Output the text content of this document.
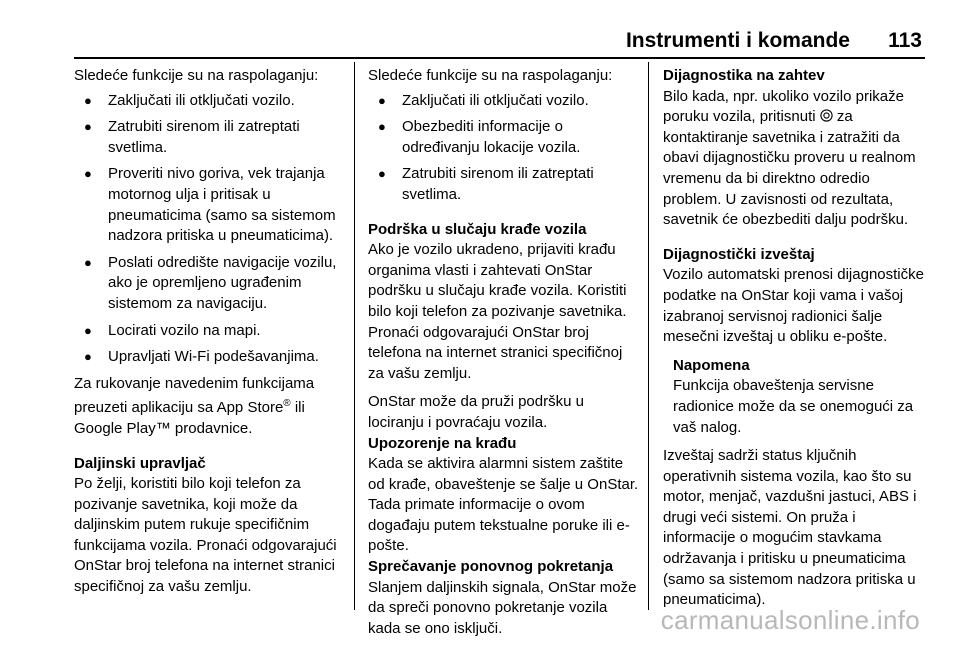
Instrumenti i komande 113

Sledeće funkcije su na raspolaganju:

● Zaključati ili otključati vozilo.
● Zatrubiti sirenom ili zatreptati svetlima.
● Proveriti nivo goriva, vek trajanja motornog ulja i pritisak u pneumaticima (samo sa sistemom nadzora pritiska u pneumaticima).
● Poslati odredište navigacije vozilu, ako je opremljeno ugrađenim sistemom za navigaciju.
● Locirati vozilo na mapi.
● Upravljati Wi-Fi podešavanjima.

Za rukovanje navedenim funkcijama preuzeti aplikaciju sa App Store® ili Google Play™ prodavnice.

Daljinski upravljač

Po želji, koristiti bilo koji telefon za pozivanje savetnika, koji može da daljinskim putem rukuje specifičnim funkcijama vozila. Pronaći odgovarajući OnStar broj telefona na internet stranici specifičnoj za vašu zemlju.

Sledeće funkcije su na raspolaganju:

● Zaključati ili otključati vozilo.
● Obezbediti informacije o određivanju lokacije vozila.
● Zatrubiti sirenom ili zatreptati svetlima.

Podrška u slučaju krađe vozila

Ako je vozilo ukradeno, prijaviti krađu organima vlasti i zahtevati OnStar podršku u slučaju krađe vozila. Koristiti bilo koji telefon za pozivanje savetnika. Pronaći odgovarajući OnStar broj telefona na internet stranici specifičnoj za vašu zemlju.

OnStar može da pruži podršku u lociranju i povraćaju vozila.

Upozorenje na krađu

Kada se aktivira alarmni sistem zaštite od krađe, obaveštenje se šalje u OnStar. Tada primate informacije o ovom događaju putem tekstualne poruke ili e-pošte.

Sprečavanje ponovnog pokretanja

Slanjem daljinskih signala, OnStar može da spreči ponovno pokretanje vozila kada se ono isključi.

Dijagnostika na zahtev

Bilo kada, npr. ukoliko vozilo prikaže poruku vozila, pritisnuti  za kontaktiranje savetnika i zatražiti da obavi dijagnostičku proveru u realnom vremenu da bi direktno odredio problem. U zavisnosti od rezultata, savetnik će obezbediti dalju podršku.

Dijagnostički izveštaj

Vozilo automatski prenosi dijagnostičke podatke na OnStar koji vama i vašoj izabranoj servisnoj radionici šalje mesečni izveštaj u obliku e-pošte.

Napomena
Funkcija obaveštenja servisne radionice može da se onemogući za vaš nalog.

Izveštaj sadrži status ključnih operativnih sistema vozila, kao što su motor, menjač, vazdušni jastuci, ABS i drugi veći sistemi. On pruža i informacije o mogućim stavkama održavanja i pritisku u pneumaticima (samo sa sistemom nadzora pritiska u pneumaticima).

carmanualsonline.info
